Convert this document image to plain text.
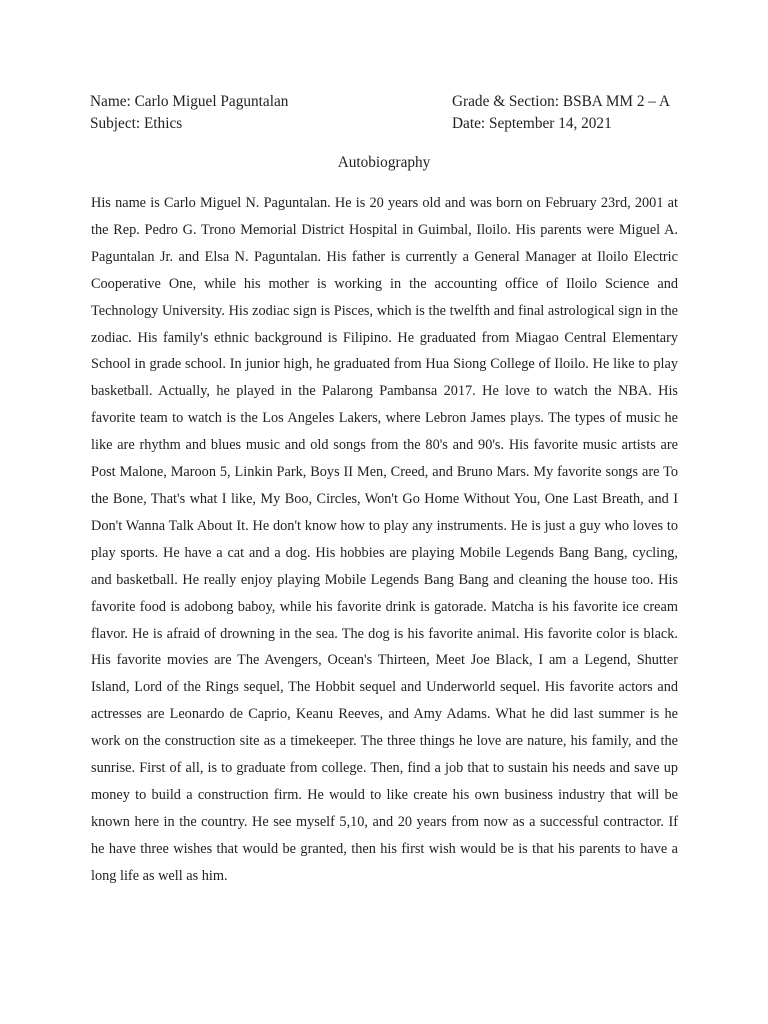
Name: Carlo Miguel Paguntalan	Grade & Section: BSBA MM 2 – A
Subject: Ethics	Date: September 14, 2021
Autobiography

His name is Carlo Miguel N. Paguntalan. He is 20 years old and was born on February 23rd, 2001 at the Rep. Pedro G. Trono Memorial District Hospital in Guimbal, Iloilo. His parents were Miguel A. Paguntalan Jr. and Elsa N. Paguntalan. His father is currently a General Manager at Iloilo Electric Cooperative One, while his mother is working in the accounting office of Iloilo Science and Technology University. His zodiac sign is Pisces, which is the twelfth and final astrological sign in the zodiac. His family's ethnic background is Filipino. He graduated from Miagao Central Elementary School in grade school. In junior high, he graduated from Hua Siong College of Iloilo. He like to play basketball. Actually, he played in the Palarong Pambansa 2017. He love to watch the NBA. His favorite team to watch is the Los Angeles Lakers, where Lebron James plays. The types of music he like are rhythm and blues music and old songs from the 80's and 90's. His favorite music artists are Post Malone, Maroon 5, Linkin Park, Boys II Men, Creed, and Bruno Mars. My favorite songs are To the Bone, That's what I like, My Boo, Circles, Won't Go Home Without You, One Last Breath, and I Don't Wanna Talk About It. He don't know how to play any instruments. He is just a guy who loves to play sports. He have a cat and a dog. His hobbies are playing Mobile Legends Bang Bang, cycling, and basketball. He really enjoy playing Mobile Legends Bang Bang and cleaning the house too. His favorite food is adobong baboy, while his favorite drink is gatorade. Matcha is his favorite ice cream flavor. He is afraid of drowning in the sea. The dog is his favorite animal. His favorite color is black. His favorite movies are The Avengers, Ocean's Thirteen, Meet Joe Black, I am a Legend, Shutter Island, Lord of the Rings sequel, The Hobbit sequel and Underworld sequel. His favorite actors and actresses are Leonardo de Caprio, Keanu Reeves, and Amy Adams. What he did last summer is he work on the construction site as a timekeeper. The three things he love are nature, his family, and the sunrise. First of all, is to graduate from college. Then, find a job that to sustain his needs and save up money to build a construction firm. He would to like create his own business industry that will be known here in the country. He see myself 5,10, and 20 years from now as a successful contractor. If he have three wishes that would be granted, then his first wish would be is that his parents to have a long life as well as him.
